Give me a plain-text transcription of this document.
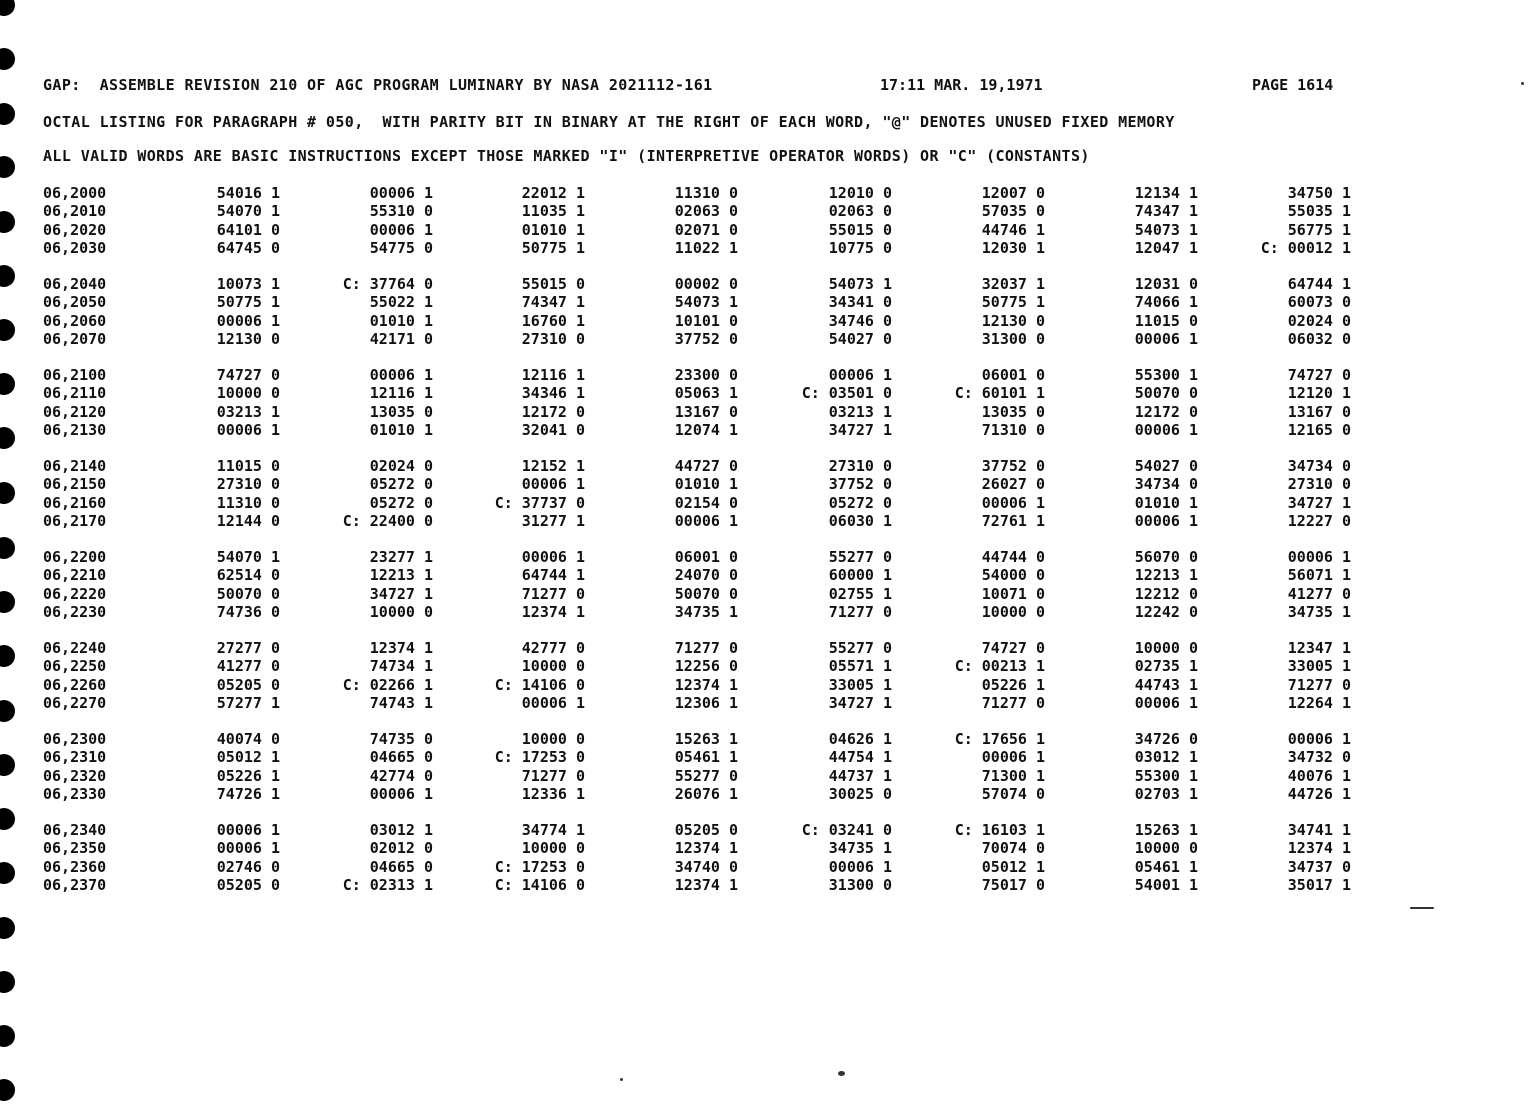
GAP:  ASSEMBLE REVISION 210 OF AGC PROGRAM LUMINARY BY NASA 2021112-161	17:11 MAR. 19,1971	PAGE 1614
OCTAL LISTING FOR PARAGRAPH # 050,  WITH PARITY BIT IN BINARY AT THE RIGHT OF EACH WORD, "@" DENOTES UNUSED FIXED MEMORY
ALL VALID WORDS ARE BASIC INSTRUCTIONS EXCEPT THOSE MARKED "I" (INTERPRETIVE OPERATOR WORDS) OR "C" (CONSTANTS)
06,2000	54016 1	00006 1	22012 1	11310 0	12010 0	12007 0	12134 1	34750 1
06,2010	54070 1	55310 0	11035 1	02063 0	02063 0	57035 0	74347 1	55035 1
06,2020	64101 0	00006 1	01010 1	02071 0	55015 0	44746 1	54073 1	56775 1
06,2030	64745 0	54775 0	50775 1	11022 1	10775 0	12030 1	12047 1	C: 00012 1
06,2040	10073 1	C: 37764 0	55015 0	00002 0	54073 1	32037 1	12031 0	64744 1
06,2050	50775 1	55022 1	74347 1	54073 1	34341 0	50775 1	74066 1	60073 0
06,2060	00006 1	01010 1	16760 1	10101 0	34746 0	12130 0	11015 0	02024 0
06,2070	12130 0	42171 0	27310 0	37752 0	54027 0	31300 0	00006 1	06032 0
06,2100	74727 0	00006 1	12116 1	23300 0	00006 1	06001 0	55300 1	74727 0
06,2110	10000 0	12116 1	34346 1	05063 1	C: 03501 0	C: 60101 1	50070 0	12120 1
06,2120	03213 1	13035 0	12172 0	13167 0	03213 1	13035 0	12172 0	13167 0
06,2130	00006 1	01010 1	32041 0	12074 1	34727 1	71310 0	00006 1	12165 0
06,2140	11015 0	02024 0	12152 1	44727 0	27310 0	37752 0	54027 0	34734 0
06,2150	27310 0	05272 0	00006 1	01010 1	37752 0	26027 0	34734 0	27310 0
06,2160	11310 0	05272 0	C: 37737 0	02154 0	05272 0	00006 1	01010 1	34727 1
06,2170	12144 0	C: 22400 0	31277 1	00006 1	06030 1	72761 1	00006 1	12227 0
06,2200	54070 1	23277 1	00006 1	06001 0	55277 0	44744 0	56070 0	00006 1
06,2210	62514 0	12213 1	64744 1	24070 0	60000 1	54000 0	12213 1	56071 1
06,2220	50070 0	34727 1	71277 0	50070 0	02755 1	10071 0	12212 0	41277 0
06,2230	74736 0	10000 0	12374 1	34735 1	71277 0	10000 0	12242 0	34735 1
06,2240	27277 0	12374 1	42777 0	71277 0	55277 0	74727 0	10000 0	12347 1
06,2250	41277 0	74734 1	10000 0	12256 0	05571 1	C: 00213 1	02735 1	33005 1
06,2260	05205 0	C: 02266 1	C: 14106 0	12374 1	33005 1	05226 1	44743 1	71277 0
06,2270	57277 1	74743 1	00006 1	12306 1	34727 1	71277 0	00006 1	12264 1
06,2300	40074 0	74735 0	10000 0	15263 1	04626 1	C: 17656 1	34726 0	00006 1
06,2310	05012 1	04665 0	C: 17253 0	05461 1	44754 1	00006 1	03012 1	34732 0
06,2320	05226 1	42774 0	71277 0	55277 0	44737 1	71300 1	55300 1	40076 1
06,2330	74726 1	00006 1	12336 1	26076 1	30025 0	57074 0	02703 1	44726 1
06,2340	00006 1	03012 1	34774 1	05205 0	C: 03241 0	C: 16103 1	15263 1	34741 1
06,2350	00006 1	02012 0	10000 0	12374 1	34735 1	70074 0	10000 0	12374 1
06,2360	02746 0	04665 0	C: 17253 0	34740 0	00006 1	05012 1	05461 1	34737 0
06,2370	05205 0	C: 02313 1	C: 14106 0	12374 1	31300 0	75017 0	54001 1	35017 1
